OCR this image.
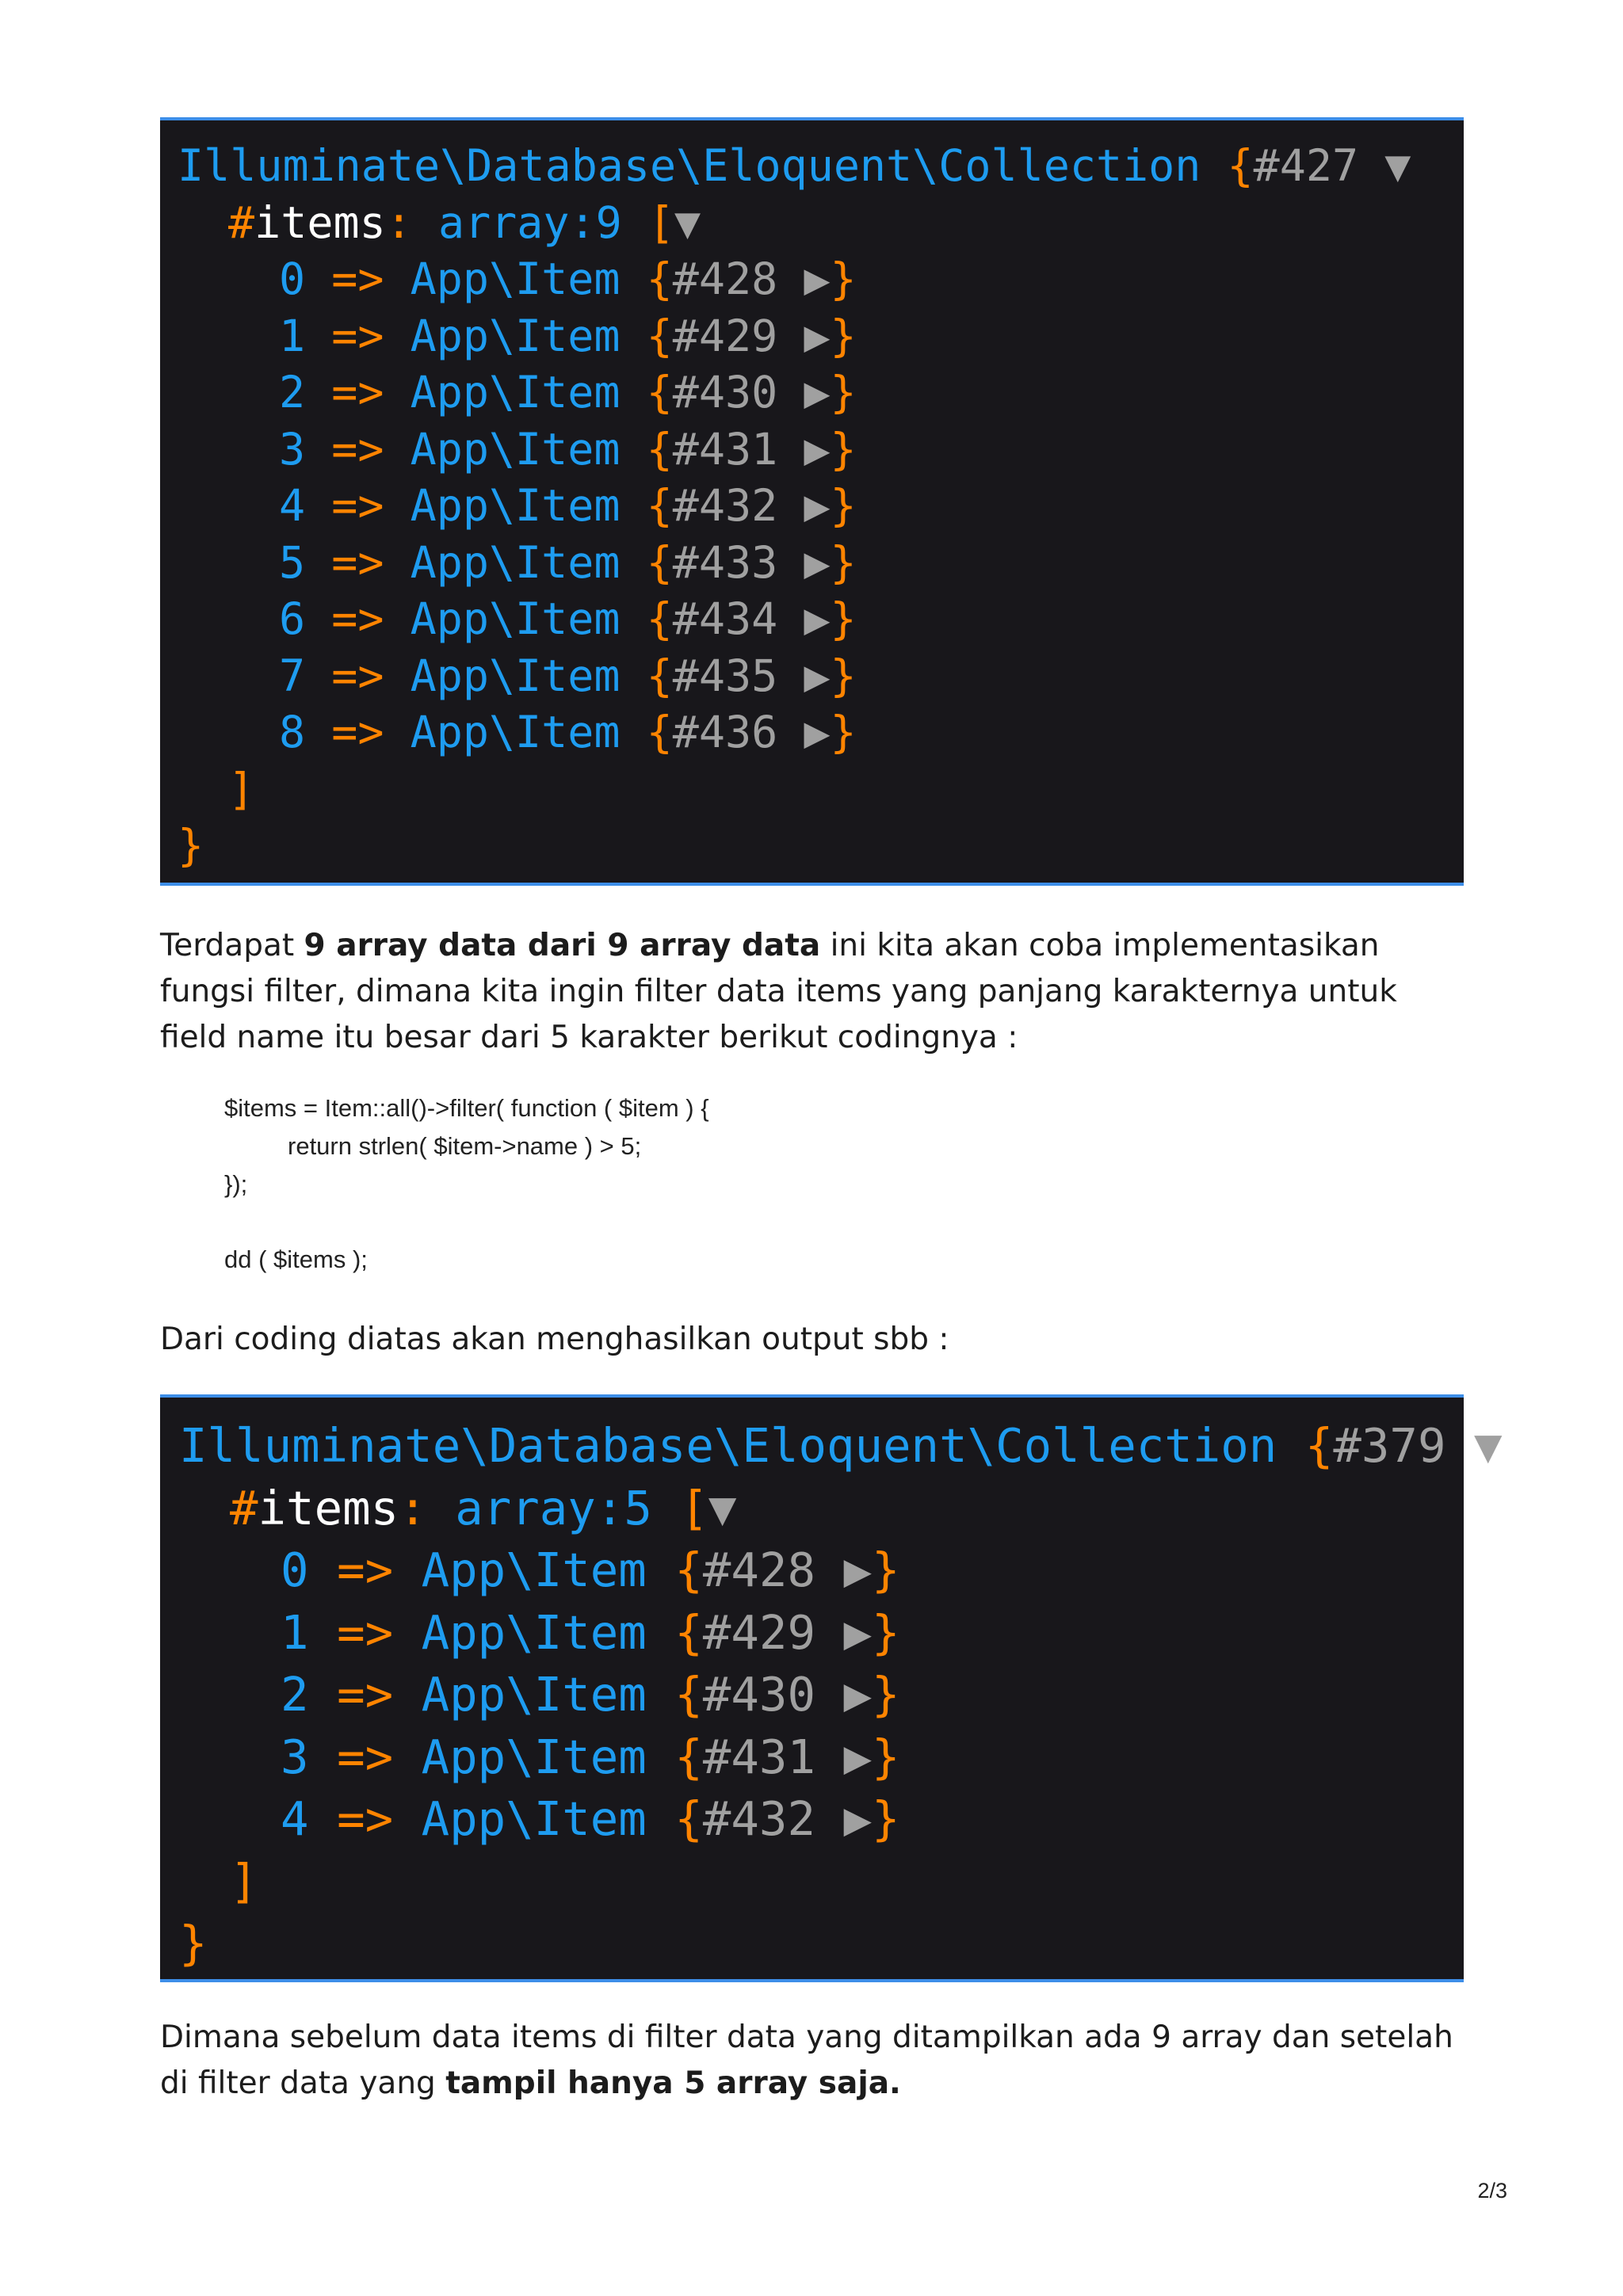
Illuminate\Database\Eloquent\Collection {#427 ▼
#items: array:9 [▼
0 => App\Item {#428 ▶}
1 => App\Item {#429 ▶}
2 => App\Item {#430 ▶}
3 => App\Item {#431 ▶}
4 => App\Item {#432 ▶}
5 => App\Item {#433 ▶}
6 => App\Item {#434 ▶}
7 => App\Item {#435 ▶}
8 => App\Item {#436 ▶}
]
}
Terdapat 9 array data dari 9 array data ini kita akan coba implementasikan fungsi filter, dimana kita ingin filter data items yang panjang karakternya untuk field name itu besar dari 5 karakter berikut codingnya :
$items = Item::all()->filter( function ( $item ) {
return strlen( $item->name ) > 5;
});
dd ( $items );
Dari coding diatas akan menghasilkan output sbb :
Illuminate\Database\Eloquent\Collection {#379 ▼
#items: array:5 [▼
0 => App\Item {#428 ▶}
1 => App\Item {#429 ▶}
2 => App\Item {#430 ▶}
3 => App\Item {#431 ▶}
4 => App\Item {#432 ▶}
]
}
Dimana sebelum data items di filter data yang ditampilkan ada 9 array dan setelah di filter data yang tampil hanya 5 array saja.
2/3
